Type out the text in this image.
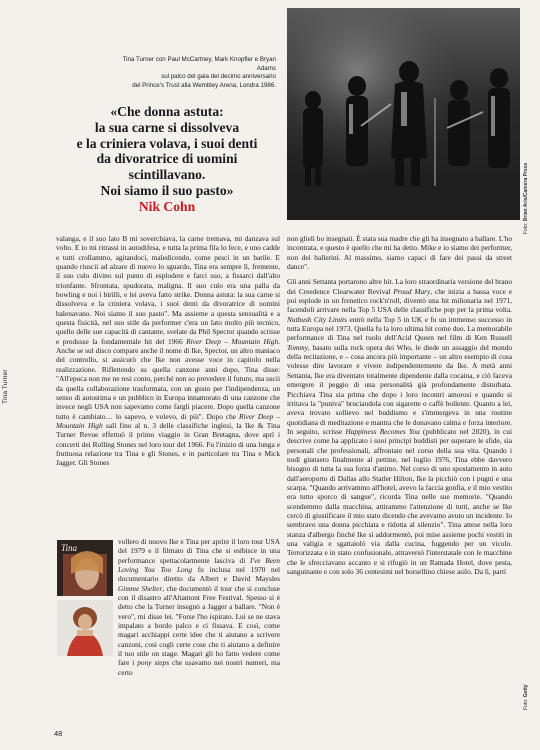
Foto: Brian Aris/Camera Press
Tina Turner con Paul McCartney, Mark Knopfler e Bryan Adams
sul palco del gala del decimo anniversario
del Prince's Trust alla Wembley Arena, Londra 1986.
«Che donna astuta:
la sua carne si dissolveva
e la criniera volava, i suoi denti
da divoratrice di uomini
scintillavano.
Noi siamo il suo pasto»
Nik Cohn
Tina Turner

valanga, e il suo lato B mi soverchiava, la carne tremava, mi danzava sul volto. E io mi ritrassi in autodifesa, e tutta la prima fila lo fece, e uno cadde e tutti crollammo, agitandoci, maledicendo, come pesci in un barile. E quando riuscii ad alzare di nuovo lo sguardo, Tina era sempre lì, fremente, il suo culo divino sul punto di esplodere e farci suo, a fissarci dall'alto trionfante. Sfrontata, spudorata, maligna. Il suo culo era una palla da bowling e noi i birilli, e lei aveva fatto strike. Donna astuta: la sua carne si dissolveva e la criniera volava, i suoi denti da divoratrice di uomini balenavano. Noi siamo il suo pasto". Ma assieme a questa sensualità e a questa fisicità, nel suo stile da performer c'era un lato molto più tecnico, quello delle sue capacità di cantante, svelate da Phil Spector quando scrisse e produsse la fondamentale hit del 1966 River Deep – Mountain High. Anche se sul disco compare anche il nome di Ike, Spector, un altro maniaco del controllo, si assicurò che Ike non avesse voce in capitolo nella realizzazione. Riflettendo su quella canzone anni dopo, Tina disse: "All'epoca non me ne resi conto, perché non so prevedere il futuro, ma uscii da quella collaborazione trasformata, con un gusto per l'indipendenza, un senso di autostima e un pubblico in Europa innamorato di una canzone che invece negli USA non sapevamo come fargli piacere. Dopo quella canzone tutto è cambiato… lo sapevo, e volevo, di più". Dopo che River Deep – Mountain High salì fino al n. 3 delle classifiche inglesi, la Ike & Tina Turner Revue effettuò il primo viaggio in Gran Bretagna, dove aprì i concerti dei Rolling Stones nel loro tour del 1966. Fu l'inizio di una lunga e fruttuosa relazione tra Tina e gli Stones, e in particolare tra Tina e Mick Jagger. Gli Stones

Tina

vollero di nuovo Ike e Tina per aprire il loro tour USA del 1979 e il filmato di Tina che si esibisce in una performance spettacolarmente lasciva di I've Been Loving You Too Long fu inclusa nel 1970 nel documentario diretto da Albert e David Maysles Gimme Shelter, che documentò il tour che si concluse con il disastro all'Altamont Free Festival. Spesso si è detto che la Turner insegnò a Jagger a ballare. "Non è vero", mi disse lei. "Forse l'ho ispirato. Lui se ne stava impalato a bordo palco e ci fissava. E così, come magari acchiappi certe idee che ti aiutano a scrivere canzoni, così cogli certe cose che ti aiutano a definire il tuo stile on stage. Magari gli ho fatto vedere come fare i pony steps che usavamo nei nostri numeri, ma certo

non glieli ho insegnati. È stata sua madre che gli ha insegnato a ballare. L'ho incontrata, e questo è quello che mi ha detto. Mike e io siamo dei performer, non dei ballerini. Al massimo, siamo capaci di fare dei passi da street dance".

Gli anni Settanta portarono altre hit. La loro straordinaria versione del brano dei Creedence Clearwater Revival Proud Mary, che inizia a bassa voce e poi esplode in un frenetico rock'n'roll, diventò una hit milionaria nel 1971, facendoli arrivare nella Top 5 USA delle classifiche pop per la prima volta. Nutbush City Limits entrò nella Top 5 in UK e fu un immenso successo in tutta Europa nel 1973. Quella fu la loro ultima hit come duo. La memorabile performance di Tina nel ruolo dell'Acid Queen nel film di Ken Russell Tommy, basato sulla rock opera dei Who, le diede un assaggio del mondo della recitazione, e – cosa ancora più importante – un altro esempio di cosa volesse dire lavorare e vivere indipendentemente da Ike. A metà anni Settanta, Ike era diventato totalmente dipendente dalla cocaina, e ciò faceva emergere il peggio di una personalità già profondamente disturbata. Picchiava Tina sia prima che dopo i loro incontri amorosi e quando si irritava la "puniva" bruciandola con sigarette o caffè bollente. Quanto a lei, aveva trovato sollievo nel buddismo e s'immergeva in una routine quotidiana di meditazione e mantra che le donavano calma e forza interiore. In seguito, scrisse Happiness Becomes You (pubblicato nel 2020), in cui descrive come ha applicato i suoi principi buddisti per superare le sfide, sia personali che professionali, affrontate nel corso della sua vita. Quando i nodi giunsero finalmente al pettine, nel luglio 1976, Tina ebbe davvero bisogno di tutta la sua forza d'animo. Nel corso di uno spostamento in auto dall'aeroporto di Dallas allo Statler Hilton, Ike la picchiò con i pugni e una scarpa. "Quando arrivammo all'hotel, avevo la faccia gonfia, e il mio vestito era tutto sporco di sangue", ricorda Tina nelle sue memorie. "Quando scendemmo dalla macchina, attirammo l'attenzione di tutti, anche se Ike cercò di giustificare il mio stato dicendo che avevamo avuto un incidente. Io sembravo una donna picchiata e ridotta al silenzio". Tina attese nella loro stanza d'albergo finché Ike si addormentò, poi mise assieme pochi vestiti in una valigia e sgattaiolò via dalla cucina, fuggendo per un vicolo. Terrorizzata e in stato confusionale, attraversò l'interstatale con le macchine che le sfrecciavano accanto e si rifugiò in un Ramada Hotel, dove pesta, sanguinante e con solo 36 centesimi nel borsellino chiese asilo. Da lì, partì

Foto: Getty
48
